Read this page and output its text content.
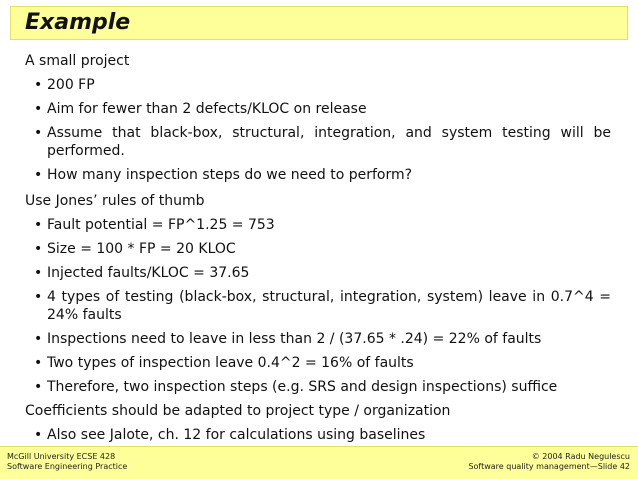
Example
A small project
• 200 FP
• Aim for fewer than 2 defects/KLOC on release
• Assume that black-box, structural, integration, and system testing will be performed.
• How many inspection steps do we need to perform?
Use Jones’ rules of thumb
• Fault potential = FP^1.25 = 753
• Size = 100 * FP = 20 KLOC
• Injected faults/KLOC = 37.65
• 4 types of testing (black-box, structural, integration, system) leave in 0.7^4 = 24% faults
• Inspections need to leave in less than 2 / (37.65 * .24) = 22% of faults
• Two types of inspection leave 0.4^2 = 16% of faults
• Therefore, two inspection steps (e.g. SRS and design inspections) suffice
Coefficients should be adapted to project type / organization
• Also see Jalote, ch. 12 for calculations using baselines
McGill University ECSE 428
Software Engineering Practice
© 2004 Radu Negulescu
Software quality management—Slide 42
